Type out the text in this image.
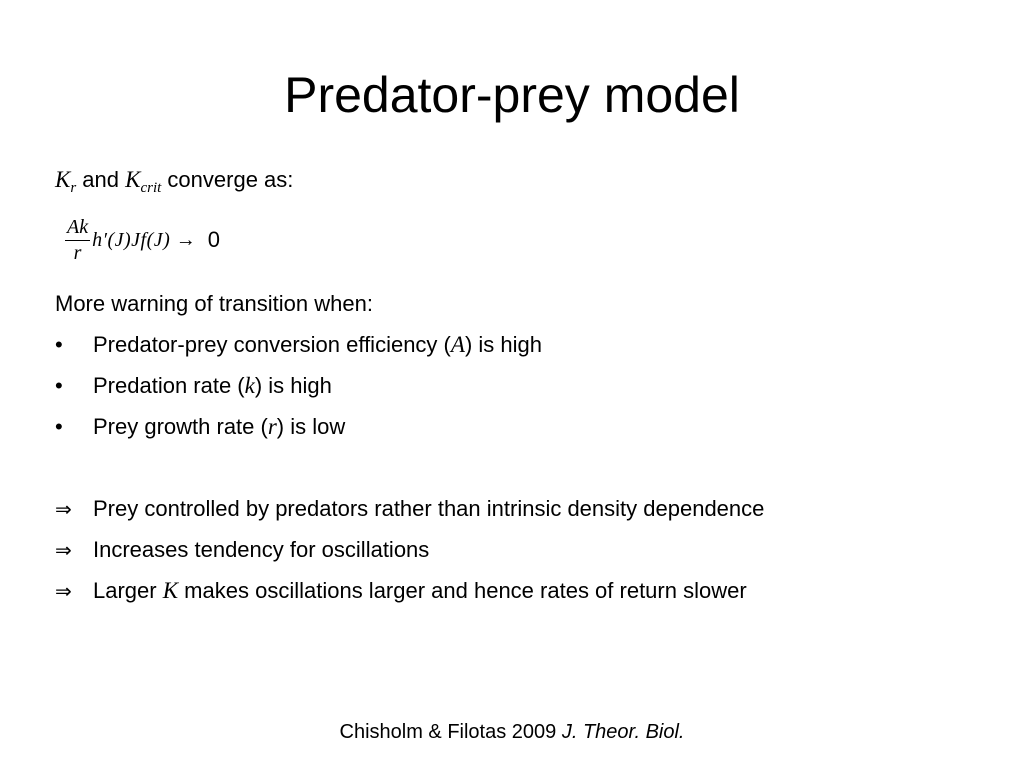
Predator-prey model
$K_r$ and $K_{crit}$ converge as:
$\frac{Ak}{r} h'(J)Jf(J) \to 0$
More warning of transition when:
•	Predator-prey conversion efficiency (A) is high
•	Predation rate (k) is high
•	Prey growth rate (r) is low
⇒ Prey controlled by predators rather than intrinsic density dependence
⇒ Increases tendency for oscillations
⇒ Larger K makes oscillations larger and hence rates of return slower
Chisholm & Filotas 2009 J. Theor. Biol.
